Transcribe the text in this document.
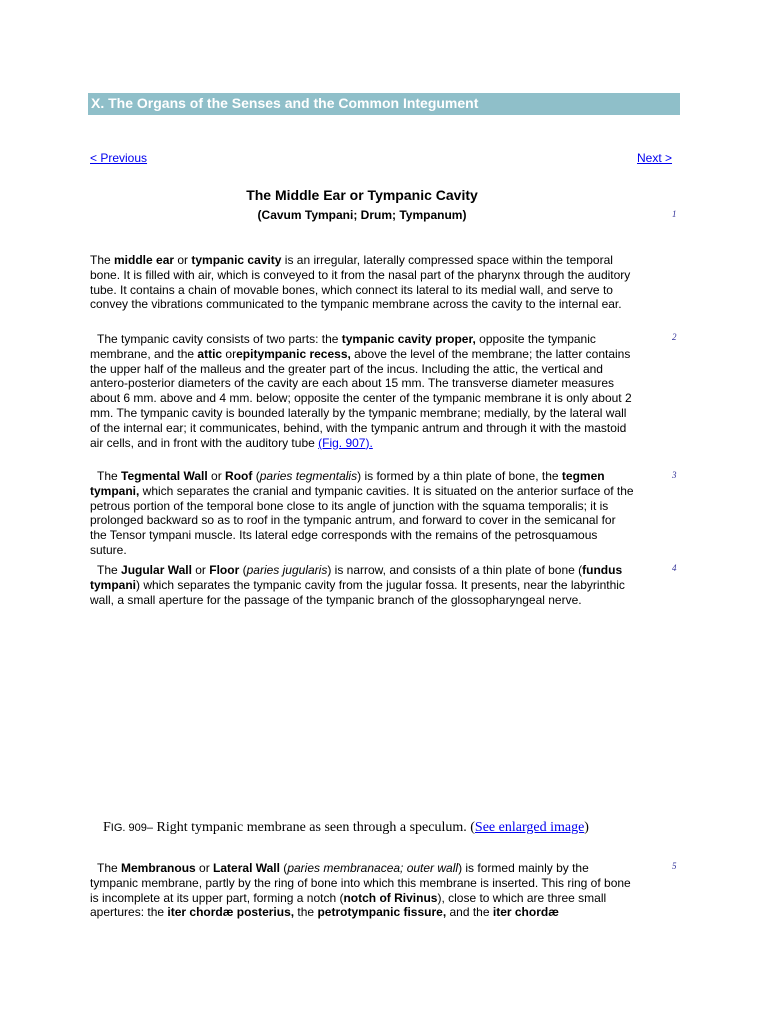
X. The Organs of the Senses and the Common Integument
< Previous	Next >
The Middle Ear or Tympanic Cavity
(Cavum Tympani; Drum; Tympanum)	1
2
3
4
5
The middle ear or tympanic cavity is an irregular, laterally compressed space within the temporal bone. It is filled with air, which is conveyed to it from the nasal part of the pharynx through the auditory tube. It contains a chain of movable bones, which connect its lateral to its medial wall, and serve to convey the vibrations communicated to the tympanic membrane across the cavity to the internal ear.
The tympanic cavity consists of two parts: the tympanic cavity proper, opposite the tympanic membrane, and the attic orepitympanic recess, above the level of the membrane; the latter contains the upper half of the malleus and the greater part of the incus. Including the attic, the vertical and antero-posterior diameters of the cavity are each about 15 mm. The transverse diameter measures about 6 mm. above and 4 mm. below; opposite the center of the tympanic membrane it is only about 2 mm. The tympanic cavity is bounded laterally by the tympanic membrane; medially, by the lateral wall of the internal ear; it communicates, behind, with the tympanic antrum and through it with the mastoid air cells, and in front with the auditory tube (Fig. 907).
The Tegmental Wall or Roof (paries tegmentalis) is formed by a thin plate of bone, the tegmen tympani, which separates the cranial and tympanic cavities. It is situated on the anterior surface of the petrous portion of the temporal bone close to its angle of junction with the squama temporalis; it is prolonged backward so as to roof in the tympanic antrum, and forward to cover in the semicanal for the Tensor tympani muscle. Its lateral edge corresponds with the remains of the petrosquamous suture.
The Jugular Wall or Floor (paries jugularis) is narrow, and consists of a thin plate of bone (fundus tympani) which separates the tympanic cavity from the jugular fossa. It presents, near the labyrinthic wall, a small aperture for the passage of the tympanic branch of the glossopharyngeal nerve.
FIG. 909– Right tympanic membrane as seen through a speculum. (See enlarged image)
The Membranous or Lateral Wall (paries membranacea; outer wall) is formed mainly by the tympanic membrane, partly by the ring of bone into which this membrane is inserted. This ring of bone is incomplete at its upper part, forming a notch (notch of Rivinus), close to which are three small apertures: the iter chordæ posterius, the petrotympanic fissure, and the iter chordæ
